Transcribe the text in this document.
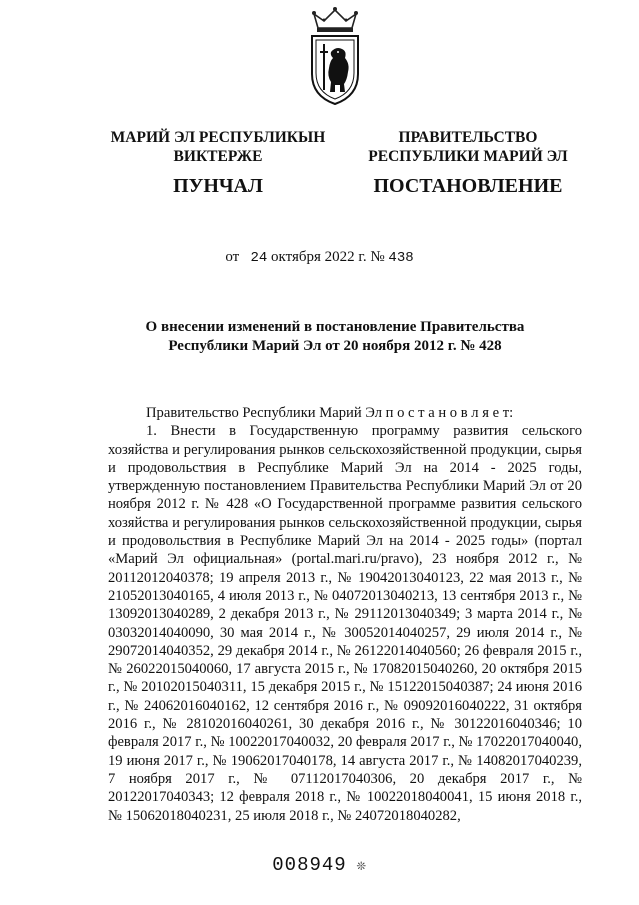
МАРИЙ ЭЛ РЕСПУБЛИКЫН
ВИКТЕРЖЕ
ПРАВИТЕЛЬСТВО
РЕСПУБЛИКИ МАРИЙ ЭЛ
ПУНЧАЛ	ПОСТАНОВЛЕНИЕ
от 24 октября 2022 г. № 438
О внесении изменений в постановление Правительства
Республики Марий Эл от 20 ноября 2012 г. № 428

Правительство Республики Марий Эл п о с т а н о в л я е т:

1. Внести в Государственную программу развития сельского хозяйства и регулирования рынков сельскохозяйственной продукции, сырья и продовольствия в Республике Марий Эл на 2014 - 2025 годы, утвержденную постановлением Правительства Республики Марий Эл от 20 ноября 2012 г. № 428 «О Государственной программе развития сельского хозяйства и регулирования рынков сельскохозяйственной продукции, сырья и продовольствия в Республике Марий Эл на 2014 - 2025 годы» (портал «Марий Эл официальная» (portal.mari.ru/pravo), 23 ноября 2012 г., № 20112012040378; 19 апреля 2013 г., № 19042013040123, 22 мая 2013 г., № 21052013040165, 4 июля 2013 г., № 04072013040213, 13 сентября 2013 г., № 13092013040289, 2 декабря 2013 г., № 29112013040349; 3 марта 2014 г., № 03032014040090, 30 мая 2014 г., № 30052014040257, 29 июля 2014 г., № 29072014040352, 29 декабря 2014 г., № 26122014040560; 26 февраля 2015 г., № 26022015040060, 17 августа 2015 г., № 17082015040260, 20 октября 2015 г., № 20102015040311, 15 декабря 2015 г., № 15122015040387; 24 июня 2016 г., № 24062016040162, 12 сентября 2016 г., № 09092016040222, 31 октября 2016 г., № 28102016040261, 30 декабря 2016 г., № 30122016040346; 10 февраля 2017 г., № 10022017040032, 20 февраля 2017 г., № 17022017040040, 19 июня 2017 г., № 19062017040178, 14 августа 2017 г., № 14082017040239, 7 ноября 2017 г., № 07112017040306, 20 декабря 2017 г., № 20122017040343; 12 февраля 2018 г., № 10022018040041, 15 июня 2018 г., № 15062018040231, 25 июля 2018 г., № 24072018040282,

008949 ❊
